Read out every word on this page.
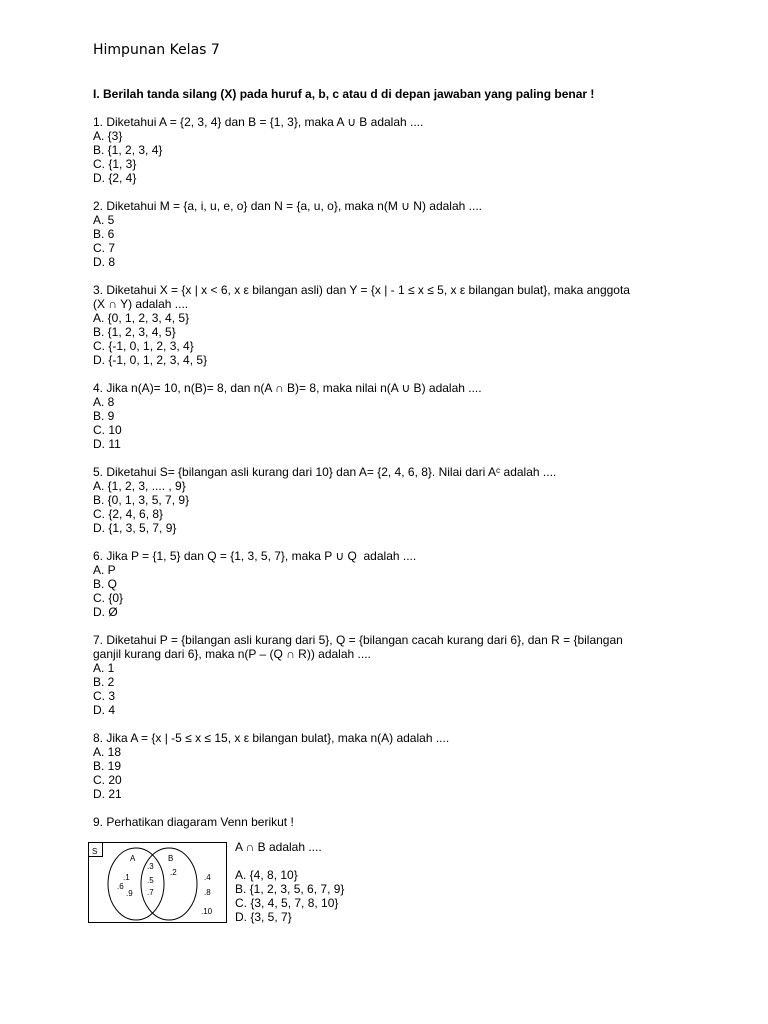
Himpunan Kelas 7
I. Berilah tanda silang (X) pada huruf a, b, c atau d di depan jawaban yang paling benar !
1. Diketahui A = {2, 3, 4} dan B = {1, 3}, maka A ∪ B adalah ....
A. {3}
B. {1, 2, 3, 4}
C. {1, 3}
D. {2, 4}
2. Diketahui M = {a, i, u, e, o} dan N = {a, u, o}, maka n(M ∪ N) adalah ....
A. 5
B. 6
C. 7
D. 8
3. Diketahui X = {x | x < 6, x ε bilangan asli) dan Y = {x | - 1 ≤ x ≤ 5, x ε bilangan bulat}, maka anggota
(X ∩ Y) adalah ....
A. {0, 1, 2, 3, 4, 5}
B. {1, 2, 3, 4, 5}
C. {-1, 0, 1, 2, 3, 4}
D. {-1, 0, 1, 2, 3, 4, 5}
4. Jika n(A)= 10, n(B)= 8, dan n(A ∩ B)= 8, maka nilai n(A ∪ B) adalah ....
A. 8
B. 9
C. 10
D. 11
5. Diketahui S= {bilangan asli kurang dari 10} dan A= {2, 4, 6, 8}. Nilai dari Aᶜ adalah ....
A. {1, 2, 3, .... , 9}
B. {0, 1, 3, 5, 7, 9}
C. {2, 4, 6, 8}
D. {1, 3, 5, 7, 9}
6. Jika P = {1, 5} dan Q = {1, 3, 5, 7}, maka P ∪ Q  adalah ....
A. P
B. Q
C. {0}
D. Ø
7. Diketahui P = {bilangan asli kurang dari 5}, Q = {bilangan cacah kurang dari 6}, dan R = {bilangan
ganjil kurang dari 6}, maka n(P – (Q ∩ R)) adalah ....
A. 1
B. 2
C. 3
D. 4
8. Jika A = {x | -5 ≤ x ≤ 15, x ε bilangan bulat}, maka n(A) adalah ....
A. 18
B. 19
C. 20
D. 21
9. Perhatikan diagaram Venn berikut !
S
A	B
.1
.6
.9
.3
.5
.7
.2
.4
.8
.10
A ∩ B adalah ....
A. {4, 8, 10}
B. {1, 2, 3, 5, 6, 7, 9}
C. {3, 4, 5, 7, 8, 10}
D. {3, 5, 7}
